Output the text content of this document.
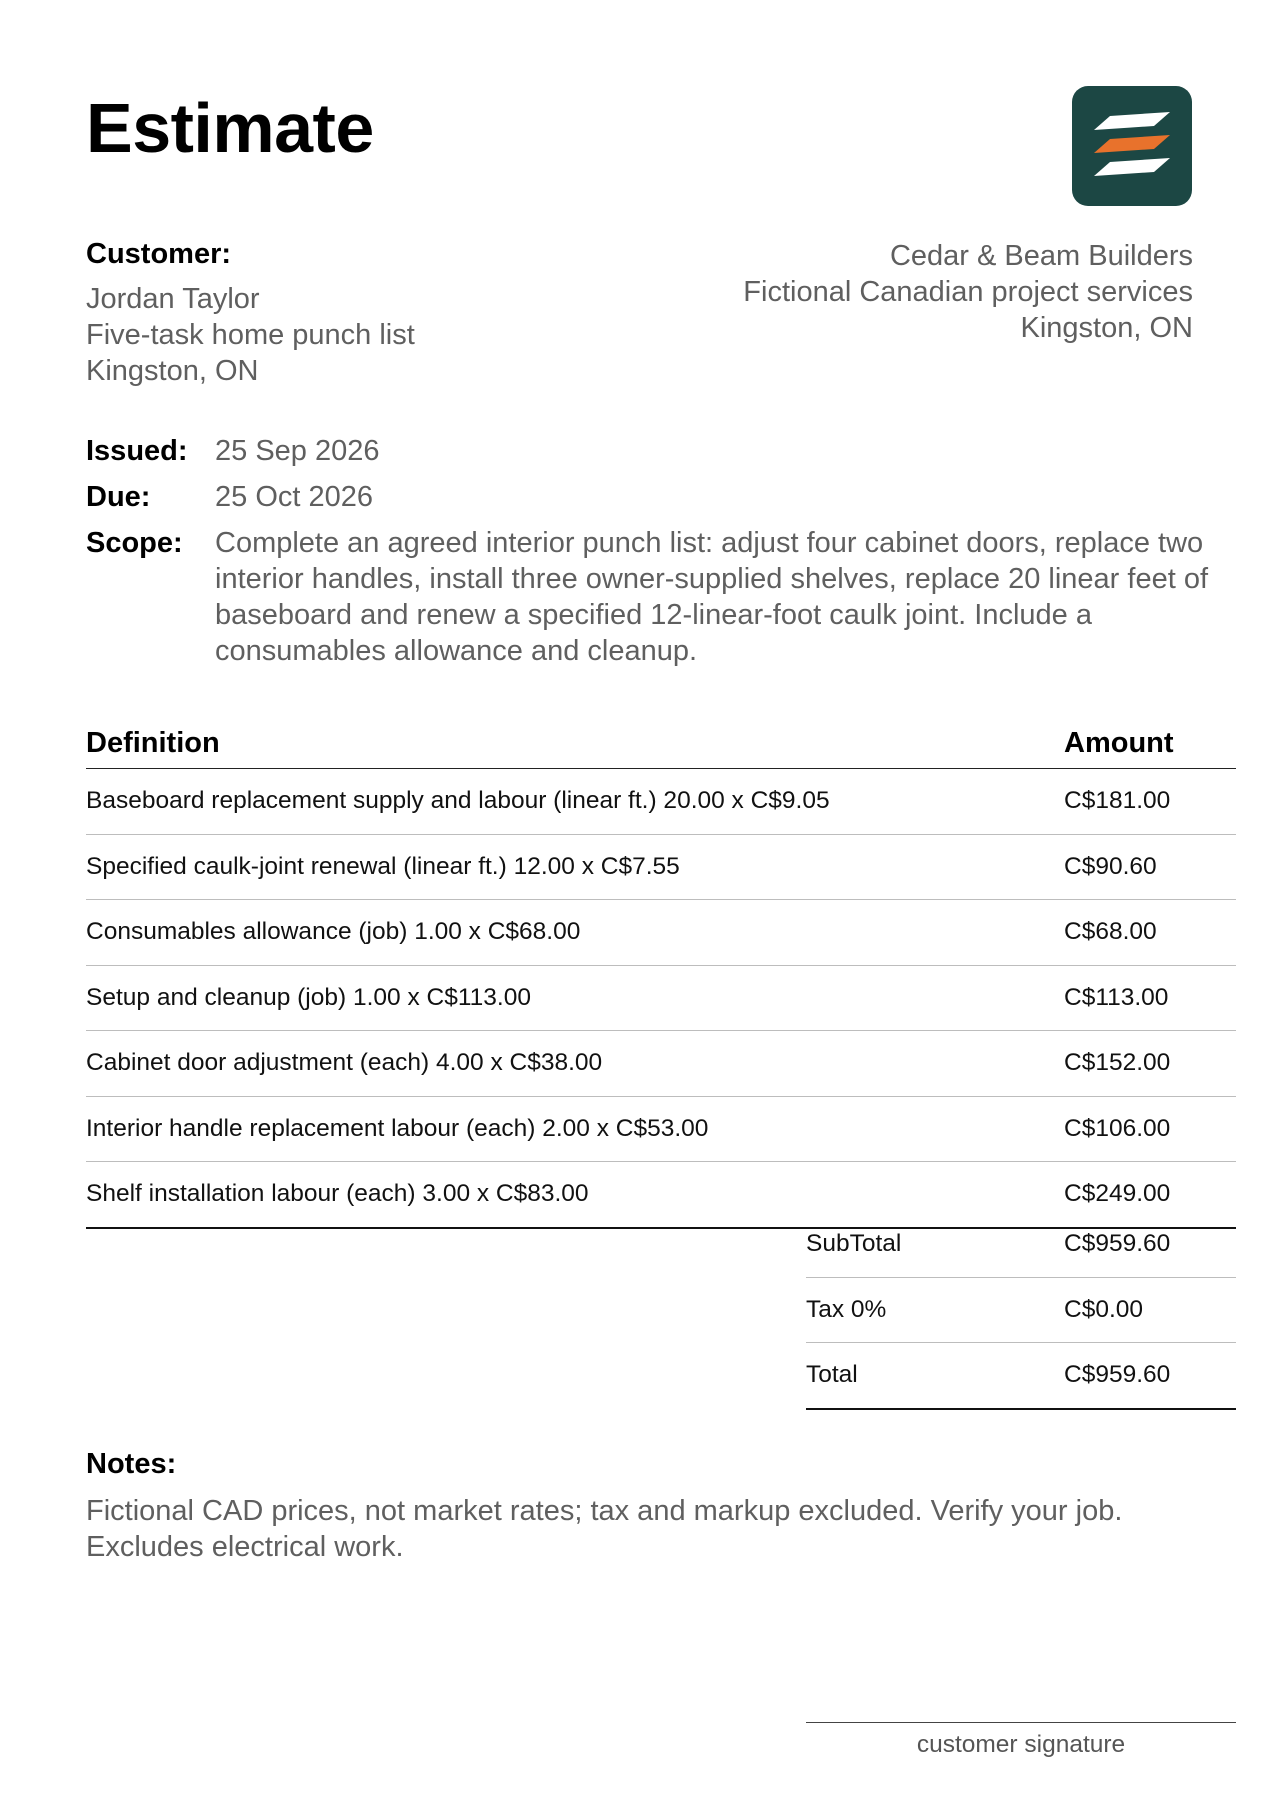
Estimate
Customer:
Jordan Taylor
Five-task home punch list
Kingston, ON
Cedar & Beam Builders
Fictional Canadian project services
Kingston, ON
Issued: 25 Sep 2026
Due:	25 Oct 2026
Scope:	Complete an agreed interior punch list: adjust four cabinet doors, replace two interior handles, install three owner-supplied shelves, replace 20 linear feet of baseboard and renew a specified 12-linear-foot caulk joint. Include a consumables allowance and cleanup.
Definition	Amount
Baseboard replacement supply and labour (linear ft.) 20.00 x C$9.05	C$181.00
Specified caulk-joint renewal (linear ft.) 12.00 x C$7.55	C$90.60
Consumables allowance (job) 1.00 x C$68.00	C$68.00
Setup and cleanup (job) 1.00 x C$113.00	C$113.00
Cabinet door adjustment (each) 4.00 x C$38.00	C$152.00
Interior handle replacement labour (each) 2.00 x C$53.00	C$106.00
Shelf installation labour (each) 3.00 x C$83.00	C$249.00
SubTotal	C$959.60
Tax 0%	C$0.00
Total	C$959.60
Notes:
Fictional CAD prices, not market rates; tax and markup excluded. Verify your job. Excludes electrical work.
customer signature
